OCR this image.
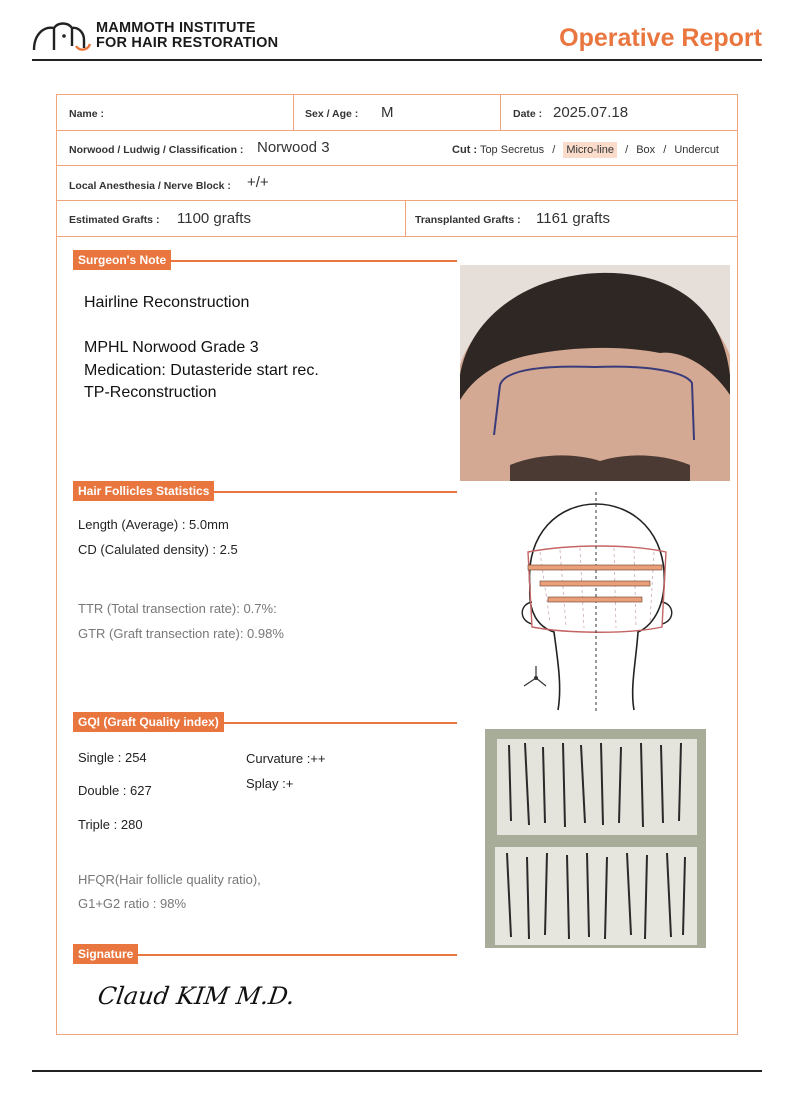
MAMMOTH INSTITUTE
FOR HAIR RESTORATION	Operative Report
Name :	Sex / Age : M	Date : 2025.07.18
Norwood / Ludwig / Classification : Norwood 3	Cut : Top Secretus / Micro-line / Box / Undercut
Local Anesthesia / Nerve Block : +/+
Estimated Grafts : 1100 grafts	Transplanted Grafts : 1161 grafts
Surgeon's Note
Hair Follicles Statistics
GQI (Graft Quality index)
Signature
Hairline Reconstruction
MPHL Norwood Grade 3
Medication: Dutasteride start rec.
TP-Reconstruction
Length (Average) : 5.0mm
CD (Calulated density) : 2.5
TTR (Total transection rate): 0.7%:
GTR (Graft transection rate): 0.98%
Single : 254
Double : 627
Triple : 280
Curvature :++
Splay :+
HFQR(Hair follicle quality ratio),
G1+G2 ratio : 98%
Claud KIM M.D.
